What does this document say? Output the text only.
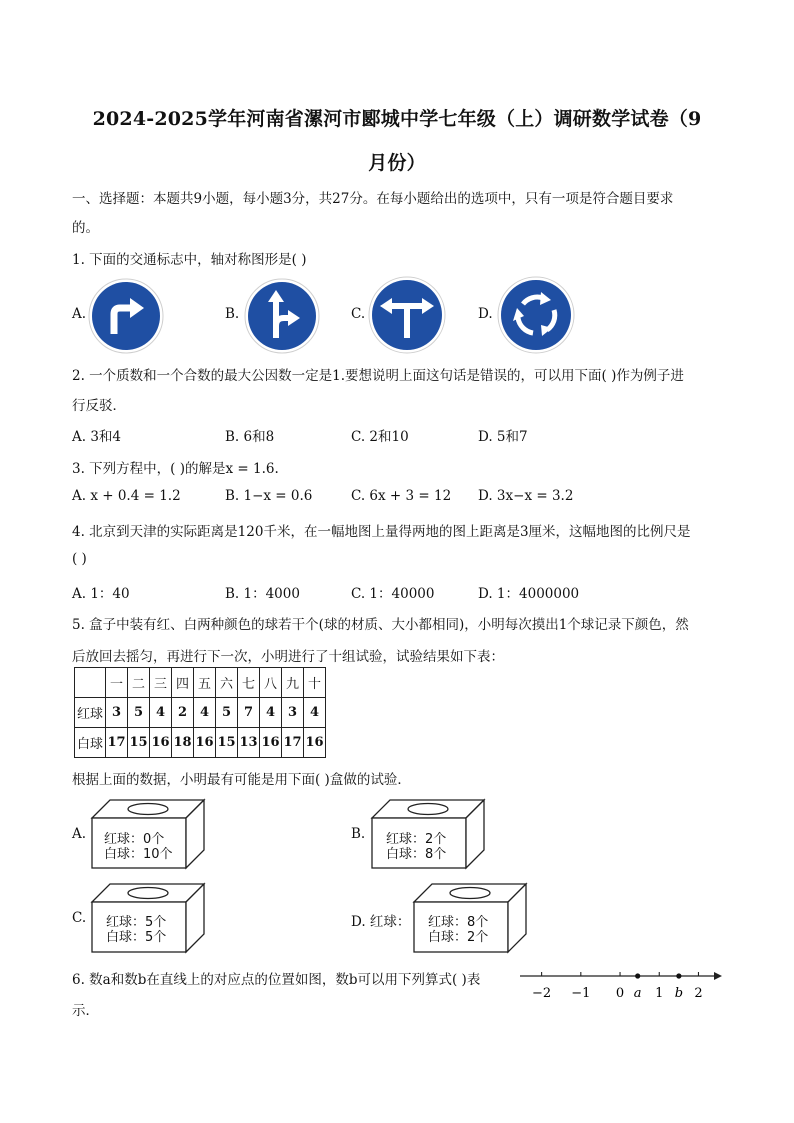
2024-2025学年河南省漯河市郾城中学七年级（上）调研数学试卷（9
月份）
一、选择题：本题共9小题，每小题3分，共27分。在每小题给出的选项中，只有一项是符合题目要求
的。
1. 下面的交通标志中，轴对称图形是( )
A.	B.	C.	D.
2. 一个质数和一个合数的最大公因数一定是1.要想说明上面这句话是错误的，可以用下面( )作为例子进
行反驳．
A. 3和4	B. 6和8	C. 2和10	D. 5和7
3. 下列方程中，( )的解是x = 1.6.
A. x + 0.4 = 1.2	B. 1−x = 0.6	C. 6x + 3 = 12 D. 3x−x = 3.2
4. 北京到天津的实际距离是120千米，在一幅地图上量得两地的图上距离是3厘米，这幅地图的比例尺是
( )
A. 1：40	B. 1：4000	C. 1：40000	D. 1：4000000
5. 盒子中装有红、白两种颜色的球若干个(球的材质、大小都相同)，小明每次摸出1个球记录下颜色，然
后放回去摇匀，再进行下一次，小明进行了十组试验，试验结果如下表：
	一	二	三	四	五	六	七	八	九	十
红球	3	5	4	2	4	5	7	4	3	4
白球	17	15	16	18	16	15	13	16	17	16
根据上面的数据，小明最有可能是用下面( )盒做的试验．
A. 红球：0个
白球：10个
B. 红球：2个
白球：8个
C. 红球：5个
白球：5个
D. 红球： 红球：8个
白球：2个
6. 数a和数b在直线上的对应点的位置如图，数b可以用下列算式( )表
示．
−2 −1 0 a 1 b 2
